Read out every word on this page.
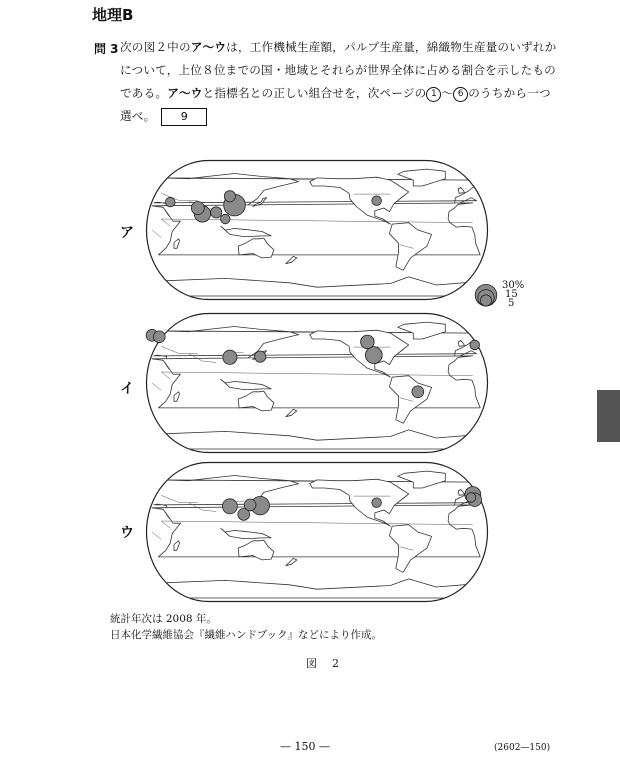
地理B
問 3 次の図２中のア～ウは，工作機械生産額，パルプ生産量，綿織物生産量のいずれかについて，上位８位までの国・地域とそれらが世界全体に占める割合を示したものである。ア～ウと指標名との正しい組合せを，次ページの 1 ～ 6 のうちから一つ選べ。 9
ア
イ
ウ
30%
15
5
統計年次は 2008 年。
日本化学繊維協会『繊維ハンドブック』などにより作成。
図　2
— 150 —	(2602—150)
